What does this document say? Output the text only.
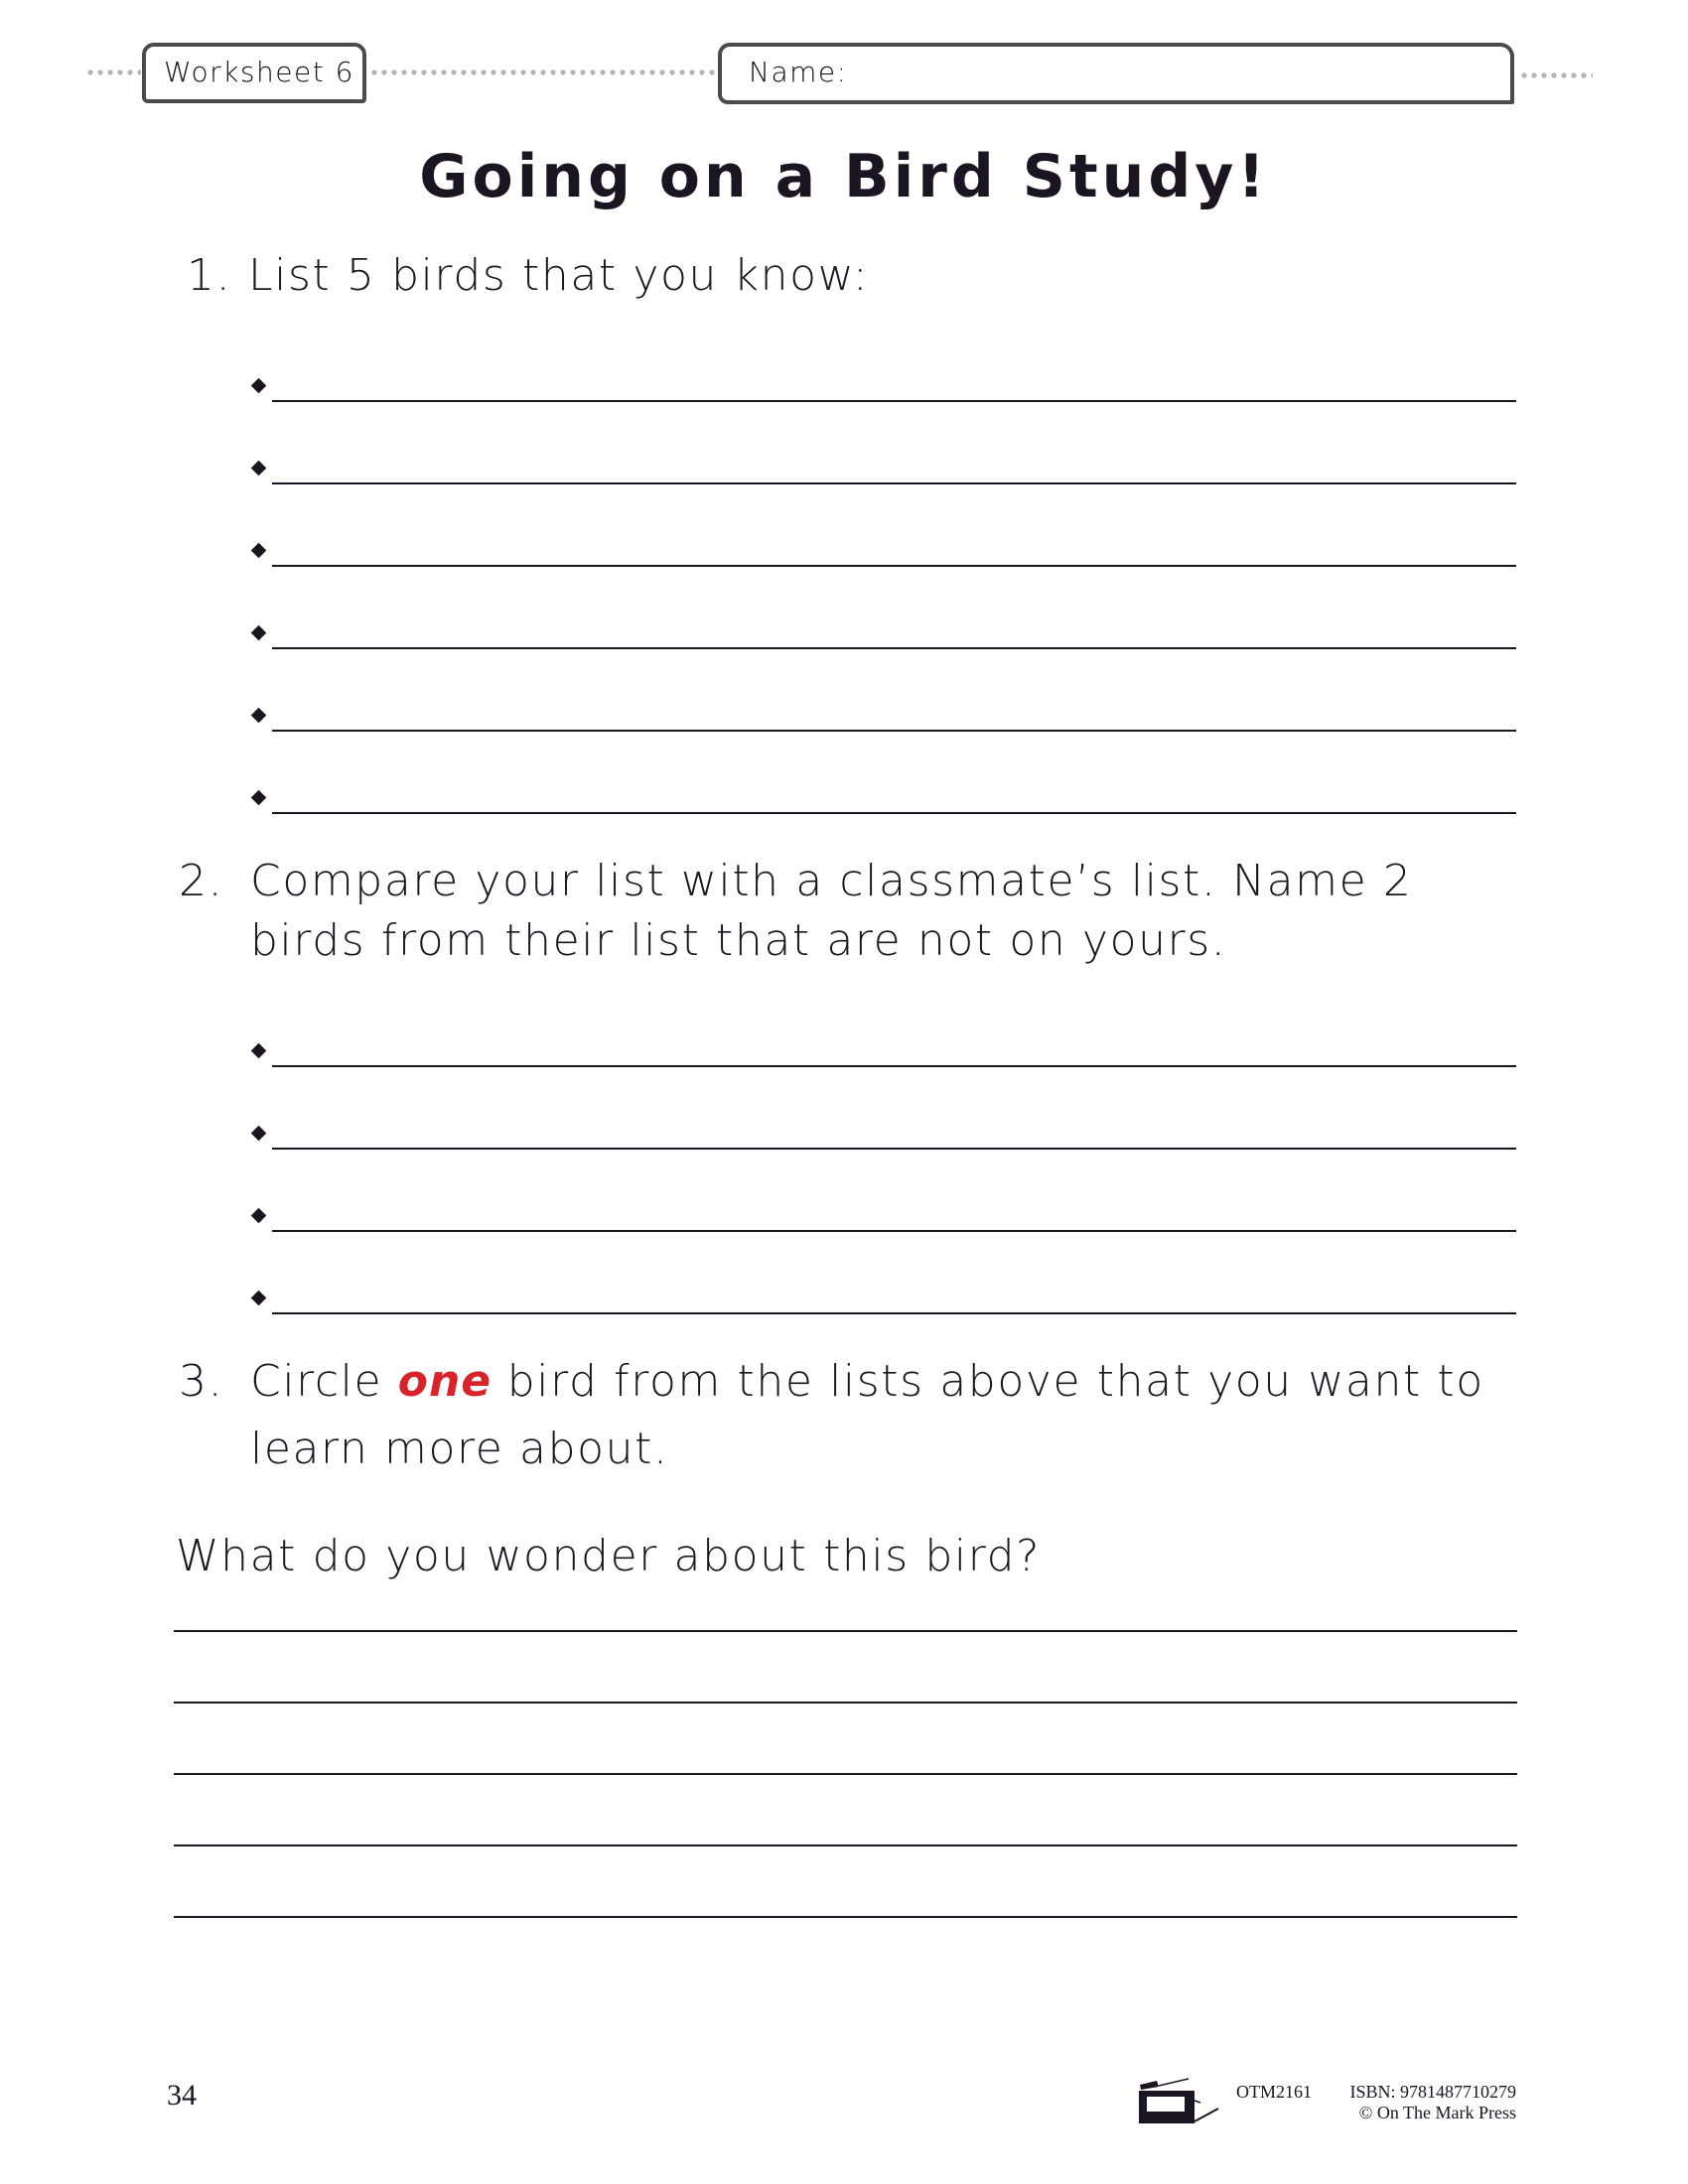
Worksheet 6	Name:
Going on a Bird Study!
1. List 5 birds that you know:
2. Compare your list with a classmate’s list. Name 2
birds from their list that are not on yours.
3. Circle one bird from the lists above that you want to
learn more about.
What do you wonder about this bird?
34	OTM2161 ISBN: 9781487710279
© On The Mark Press
